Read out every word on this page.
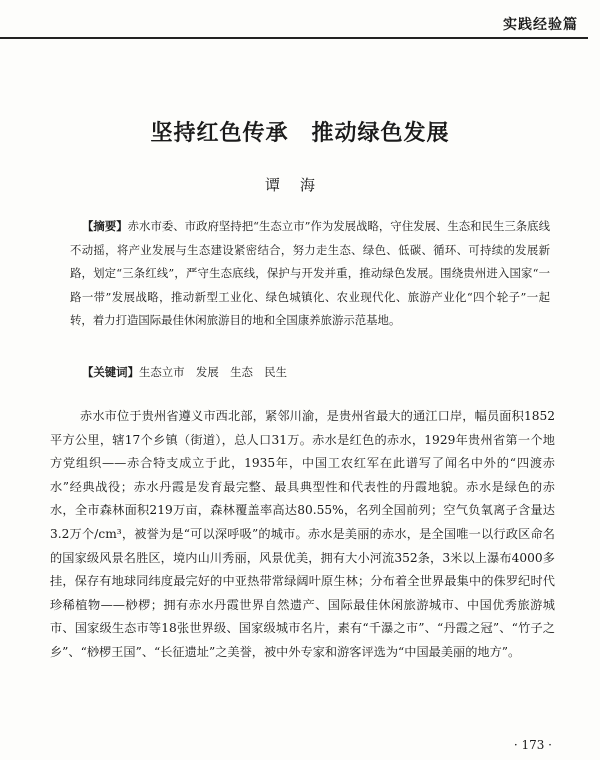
实践经验篇
坚持红色传承　推动绿色发展
谭海
【摘要】赤水市委、市政府坚持把“生态立市”作为发展战略，守住发展、生态和民生三条底线不动摇，将产业发展与生态建设紧密结合，努力走生态、绿色、低碳、循环、可持续的发展新路，划定“三条红线”，严守生态底线，保护与开发并重，推动绿色发展。围绕贵州进入国家“一路一带”发展战略，推动新型工业化、绿色城镇化、农业现代化、旅游产业化“四个轮子”一起转，着力打造国际最佳休闲旅游目的地和全国康养旅游示范基地。
【关键词】生态立市　发展　生态　民生
赤水市位于贵州省遵义市西北部，紧邻川渝，是贵州省最大的通江口岸，幅员面积1852平方公里，辖17个乡镇（街道），总人口31万。赤水是红色的赤水，1929年贵州省第一个地方党组织——赤合特支成立于此，1935年，中国工农红军在此谱写了闻名中外的“四渡赤水”经典战役；赤水丹霞是发育最完整、最具典型性和代表性的丹霞地貌。赤水是绿色的赤水，全市森林面积219万亩，森林覆盖率高达80.55%，名列全国前列；空气负氧离子含量达3.2万个/cm³，被誉为是“可以深呼吸”的城市。赤水是美丽的赤水，是全国唯一以行政区命名的国家级风景名胜区，境内山川秀丽，风景优美，拥有大小河流352条，3米以上瀑布4000多挂，保存有地球同纬度最完好的中亚热带常绿阔叶原生林；分布着全世界最集中的侏罗纪时代珍稀植物——桫椤；拥有赤水丹霞世界自然遗产、国际最佳休闲旅游城市、中国优秀旅游城市、国家级生态市等18张世界级、国家级城市名片，素有“千瀑之市”、“丹霞之冠”、“竹子之乡”、“桫椤王国”、“长征遗址”之美誉，被中外专家和游客评选为“中国最美丽的地方”。
· 173 ·
